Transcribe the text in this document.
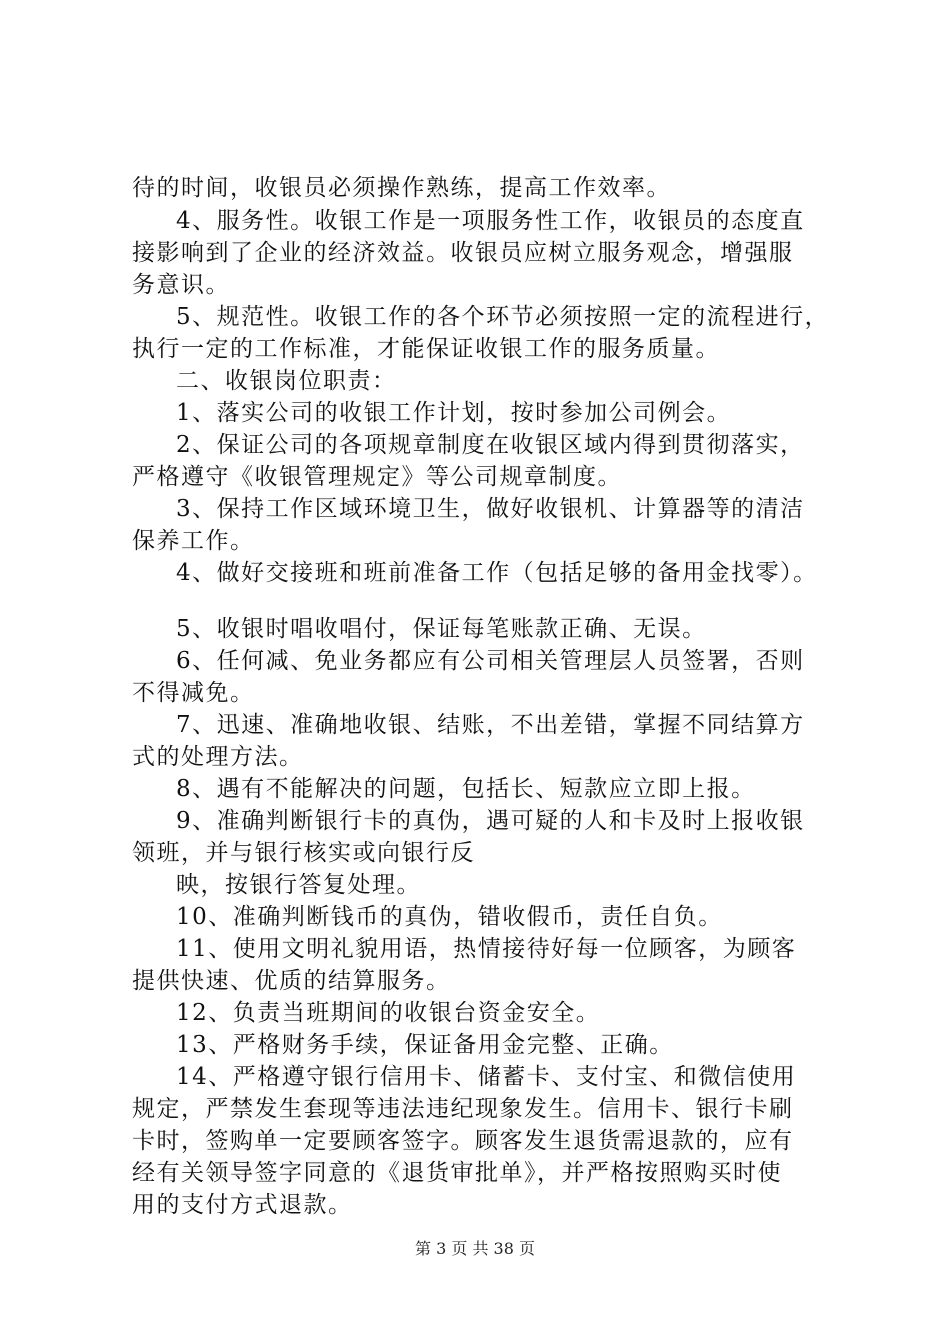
待的时间，收银员必须操作熟练，提高工作效率。
4、服务性。收银工作是一项服务性工作，收银员的态度直
接影响到了企业的经济效益。收银员应树立服务观念，增强服
务意识。
5、规范性。收银工作的各个环节必须按照一定的流程进行，
执行一定的工作标准，才能保证收银工作的服务质量。
二、收银岗位职责：
1、落实公司的收银工作计划，按时参加公司例会。
2、保证公司的各项规章制度在收银区域内得到贯彻落实，
严格遵守《收银管理规定》等公司规章制度。
3、保持工作区域环境卫生，做好收银机、计算器等的清洁
保养工作。
4、做好交接班和班前准备工作（包括足够的备用金找零）。
5、收银时唱收唱付，保证每笔账款正确、无误。
6、任何减、免业务都应有公司相关管理层人员签署，否则
不得减免。
7、迅速、准确地收银、结账，不出差错，掌握不同结算方
式的处理方法。
8、遇有不能解决的问题，包括长、短款应立即上报。
9、准确判断银行卡的真伪，遇可疑的人和卡及时上报收银
领班，并与银行核实或向银行反
映，按银行答复处理。
10、准确判断钱币的真伪，错收假币，责任自负。
11、使用文明礼貌用语，热情接待好每一位顾客，为顾客
提供快速、优质的结算服务。
12、负责当班期间的收银台资金安全。
13、严格财务手续，保证备用金完整、正确。
14、严格遵守银行信用卡、储蓄卡、支付宝、和微信使用
规定，严禁发生套现等违法违纪现象发生。信用卡、银行卡刷
卡时，签购单一定要顾客签字。顾客发生退货需退款的，应有
经有关领导签字同意的《退货审批单》，并严格按照购买时使
用的支付方式退款。
第 3 页 共 38 页
